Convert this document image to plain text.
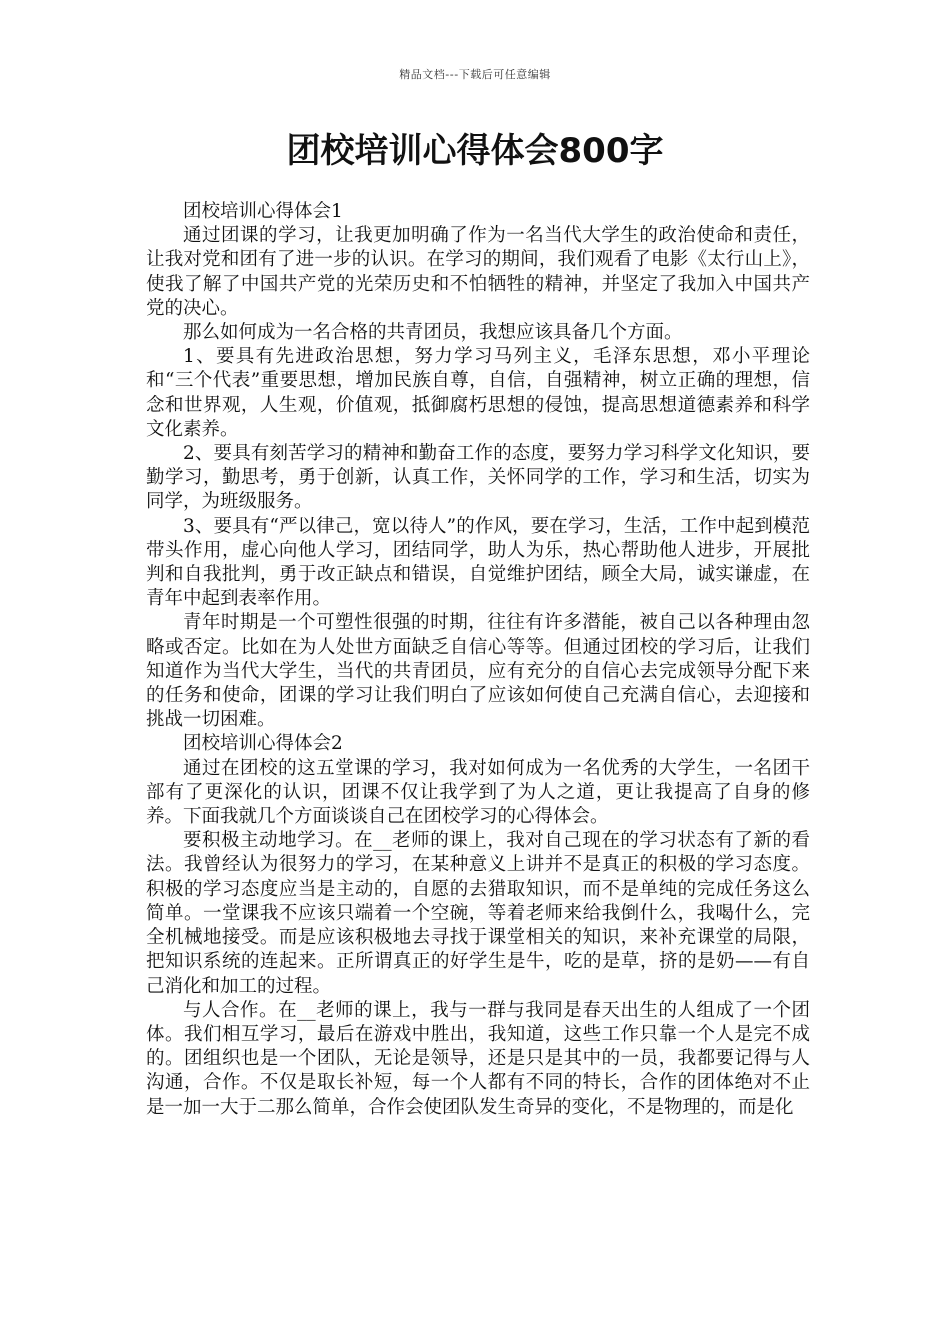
精品文档---下载后可任意编辑
团校培训心得体会800字

团校培训心得体会1

通过团课的学习，让我更加明确了作为一名当代大学生的政治使命和责任，让我对党和团有了进一步的认识。在学习的期间，我们观看了电影《太行山上》，使我了解了中国共产党的光荣历史和不怕牺牲的精神，并坚定了我加入中国共产党的决心。

那么如何成为一名合格的共青团员，我想应该具备几个方面。

1、要具有先进政治思想，努力学习马列主义，毛泽东思想，邓小平理论和“三个代表”重要思想，增加民族自尊，自信，自强精神，树立正确的理想，信念和世界观，人生观，价值观，抵御腐朽思想的侵蚀，提高思想道德素养和科学文化素养。

2、要具有刻苦学习的精神和勤奋工作的态度，要努力学习科学文化知识，要勤学习，勤思考，勇于创新，认真工作，关怀同学的工作，学习和生活，切实为同学，为班级服务。

3、要具有“严以律己，宽以待人”的作风，要在学习，生活，工作中起到模范带头作用，虚心向他人学习，团结同学，助人为乐，热心帮助他人进步，开展批判和自我批判，勇于改正缺点和错误，自觉维护团结，顾全大局，诚实谦虚，在青年中起到表率作用。

青年时期是一个可塑性很强的时期，往往有许多潜能，被自己以各种理由忽略或否定。比如在为人处世方面缺乏自信心等等。但通过团校的学习后，让我们知道作为当代大学生，当代的共青团员，应有充分的自信心去完成领导分配下来的任务和使命，团课的学习让我们明白了应该如何使自己充满自信心，去迎接和挑战一切困难。

团校培训心得体会2

通过在团校的这五堂课的学习，我对如何成为一名优秀的大学生，一名团干部有了更深化的认识，团课不仅让我学到了为人之道，更让我提高了自身的修养。下面我就几个方面谈谈自己在团校学习的心得体会。

要积极主动地学习。在__老师的课上，我对自己现在的学习状态有了新的看法。我曾经认为很努力的学习，在某种意义上讲并不是真正的积极的学习态度。积极的学习态度应当是主动的，自愿的去猎取知识，而不是单纯的完成任务这么简单。一堂课我不应该只端着一个空碗，等着老师来给我倒什么，我喝什么，完全机械地接受。而是应该积极地去寻找于课堂相关的知识，来补充课堂的局限，把知识系统的连起来。正所谓真正的好学生是牛，吃的是草，挤的是奶——有自己消化和加工的过程。

与人合作。在__老师的课上，我与一群与我同是春天出生的人组成了一个团体。我们相互学习，最后在游戏中胜出，我知道，这些工作只靠一个人是完不成的。团组织也是一个团队，无论是领导，还是只是其中的一员，我都要记得与人沟通，合作。不仅是取长补短，每一个人都有不同的特长，合作的团体绝对不止是一加一大于二那么简单，合作会使团队发生奇异的变化，不是物理的，而是化
